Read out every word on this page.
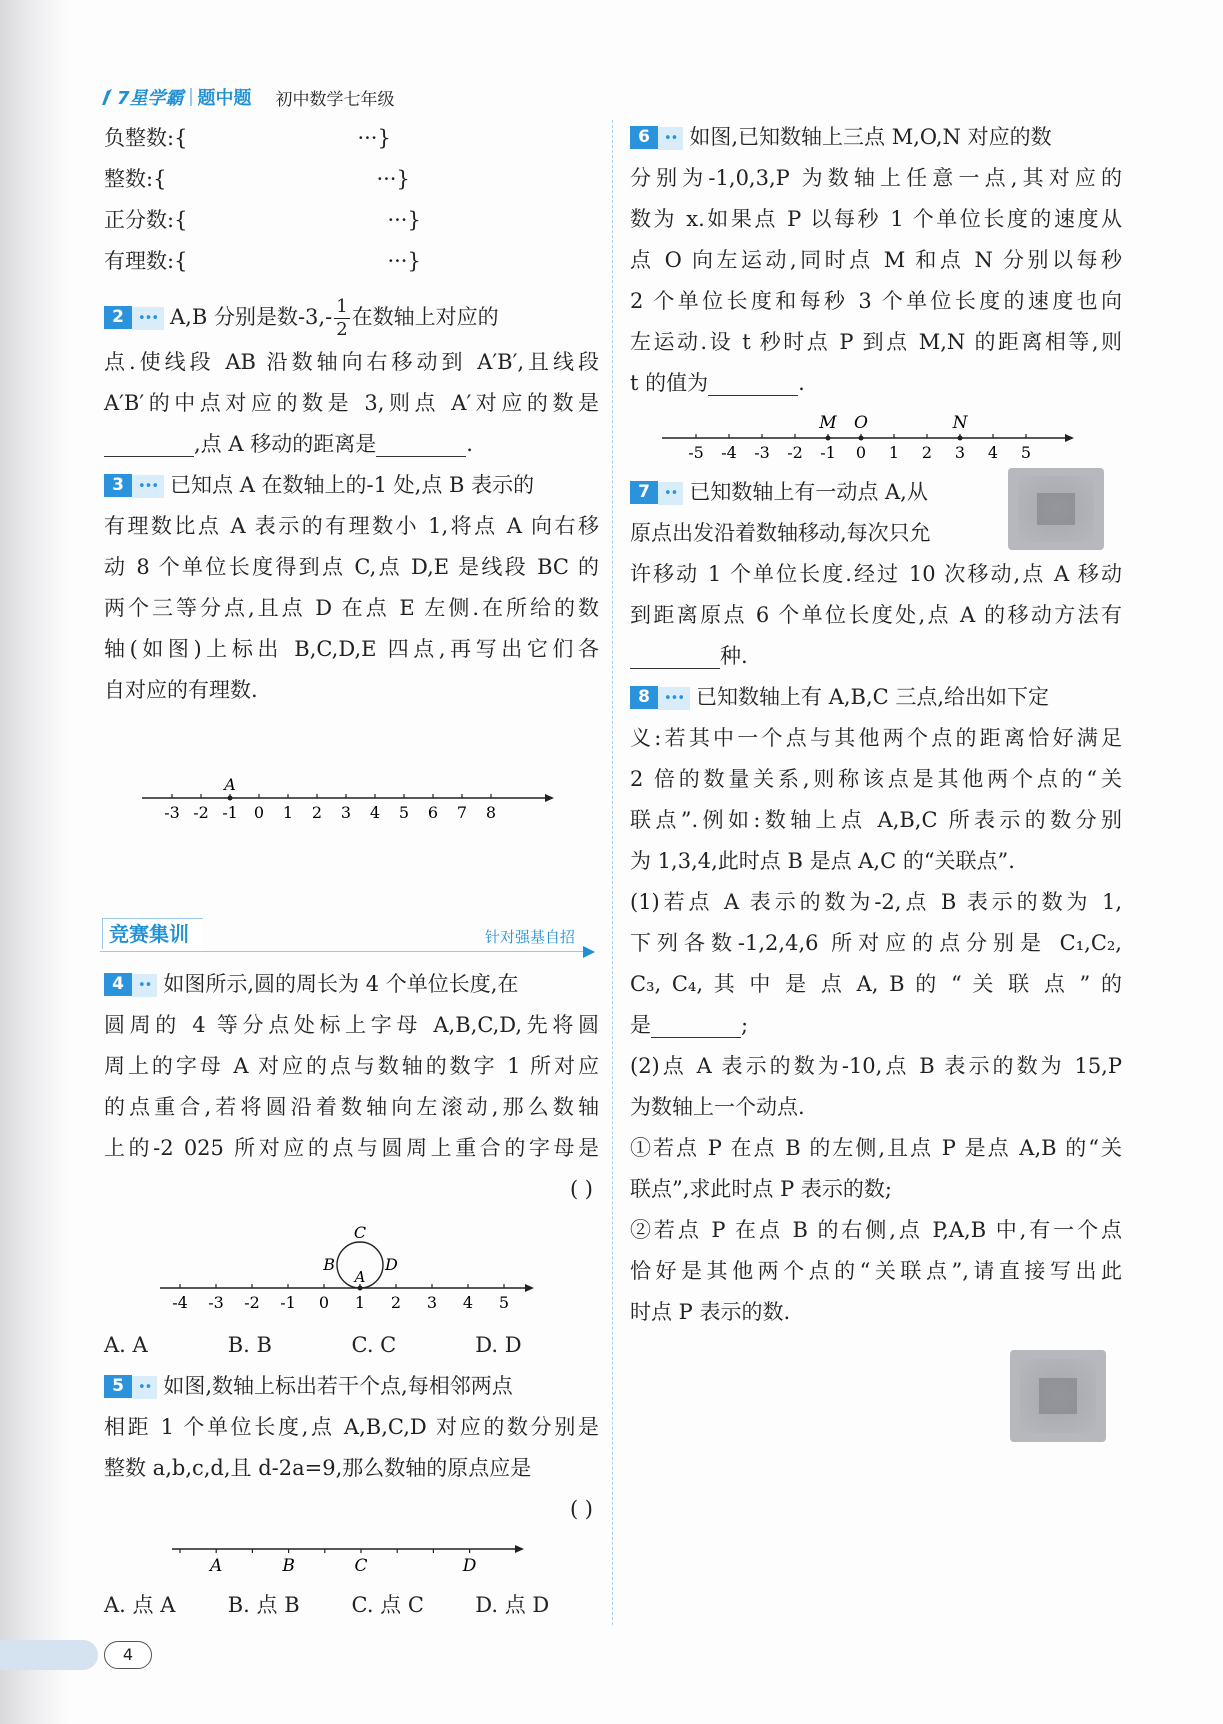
7星学霸 题中题 初中数学七年级
负整数:{	···}
整数:{	···}
正分数:{	···}
有理数:{	···}
2 ••• A,B 分别是数$-3,- \frac{1}{2}$ 在数轴上对应的
点.使线段 AB 沿数轴向右移动到 A′B′,且线段
A′B′的中点对应的数是 3,则点 A′对应的数是
,点 A 移动的距离是	.
3 ••• 已知点 A 在数轴上的-1 处,点 B 表示的
有理数比点 A 表示的有理数小 1,将点 A 向右移
动 8 个单位长度得到点 C,点 D,E 是线段 BC 的
两个三等分点,且点 D 在点 E 左侧.在所给的数
轴(如图)上标出 B,C,D,E 四点,再写出它们各
自对应的有理数.
-3 -2 -1 0 1 2 3 4 5 6 7 8
A
竞赛集训	针对强基自招
4 •• 如图所示,圆的周长为 4 个单位长度,在
圆周的 4 等分点处标上字母 A,B,C,D,先将圆
周上的字母 A 对应的点与数轴的数字 1 所对应
的点重合,若将圆沿着数轴向左滚动,那么数轴
上的-2 025 所对应的点与圆周上重合的字母是
( )
-4 -3 -2 -1 0 1 2 3 4 5
C
B	D
A
A. A	B. B	C. C	D. D
5 •• 如图,数轴上标出若干个点,每相邻两点
相距 1 个单位长度,点 A,B,C,D 对应的数分别是
整数 a,b,c,d,且 d-2a=9,那么数轴的原点应是
( )
A	B	C	D
A. 点 A	B. 点 B	C. 点 C	D. 点 D
6 •• 如图,已知数轴上三点 M,O,N 对应的数
分别为-1,0,3,P 为数轴上任意一点,其对应的
数为 x.如果点 P 以每秒 1 个单位长度的速度从
点 O 向左运动,同时点 M 和点 N 分别以每秒
2 个单位长度和每秒 3 个单位长度的速度也向
左运动.设 t 秒时点 P 到点 M,N 的距离相等,则
t 的值为	.
-5 -4 -3 -2 -1 0 1 2 3 4 5
M O	N
7 •• 已知数轴上有一动点 A,从
原点出发沿着数轴移动,每次只允
许移动 1 个单位长度.经过 10 次移动,点 A 移动
到距离原点 6 个单位长度处,点 A 的移动方法有
种.
8 ••• 已知数轴上有 A,B,C 三点,给出如下定
义:若其中一个点与其他两个点的距离恰好满足
2 倍的数量关系,则称该点是其他两个点的“关
联点”.例如:数轴上点 A,B,C 所表示的数分别
为 1,3,4,此时点 B 是点 A,C 的“关联点”.
(1)若点 A 表示的数为-2,点 B 表示的数为 1,
下列各数-1,2,4,6 所对应的点分别是 C₁,C₂,
C₃, C₄, 其 中 是 点 A, B 的 “ 关 联 点 ” 的
是	;
(2)点 A 表示的数为-10,点 B 表示的数为 15,P
为数轴上一个动点.
①若点 P 在点 B 的左侧,且点 P 是点 A,B 的“关
联点”,求此时点 P 表示的数;
②若点 P 在点 B 的右侧,点 P,A,B 中,有一个点
恰好是其他两个点的“关联点”,请直接写出此
时点 P 表示的数.
4
